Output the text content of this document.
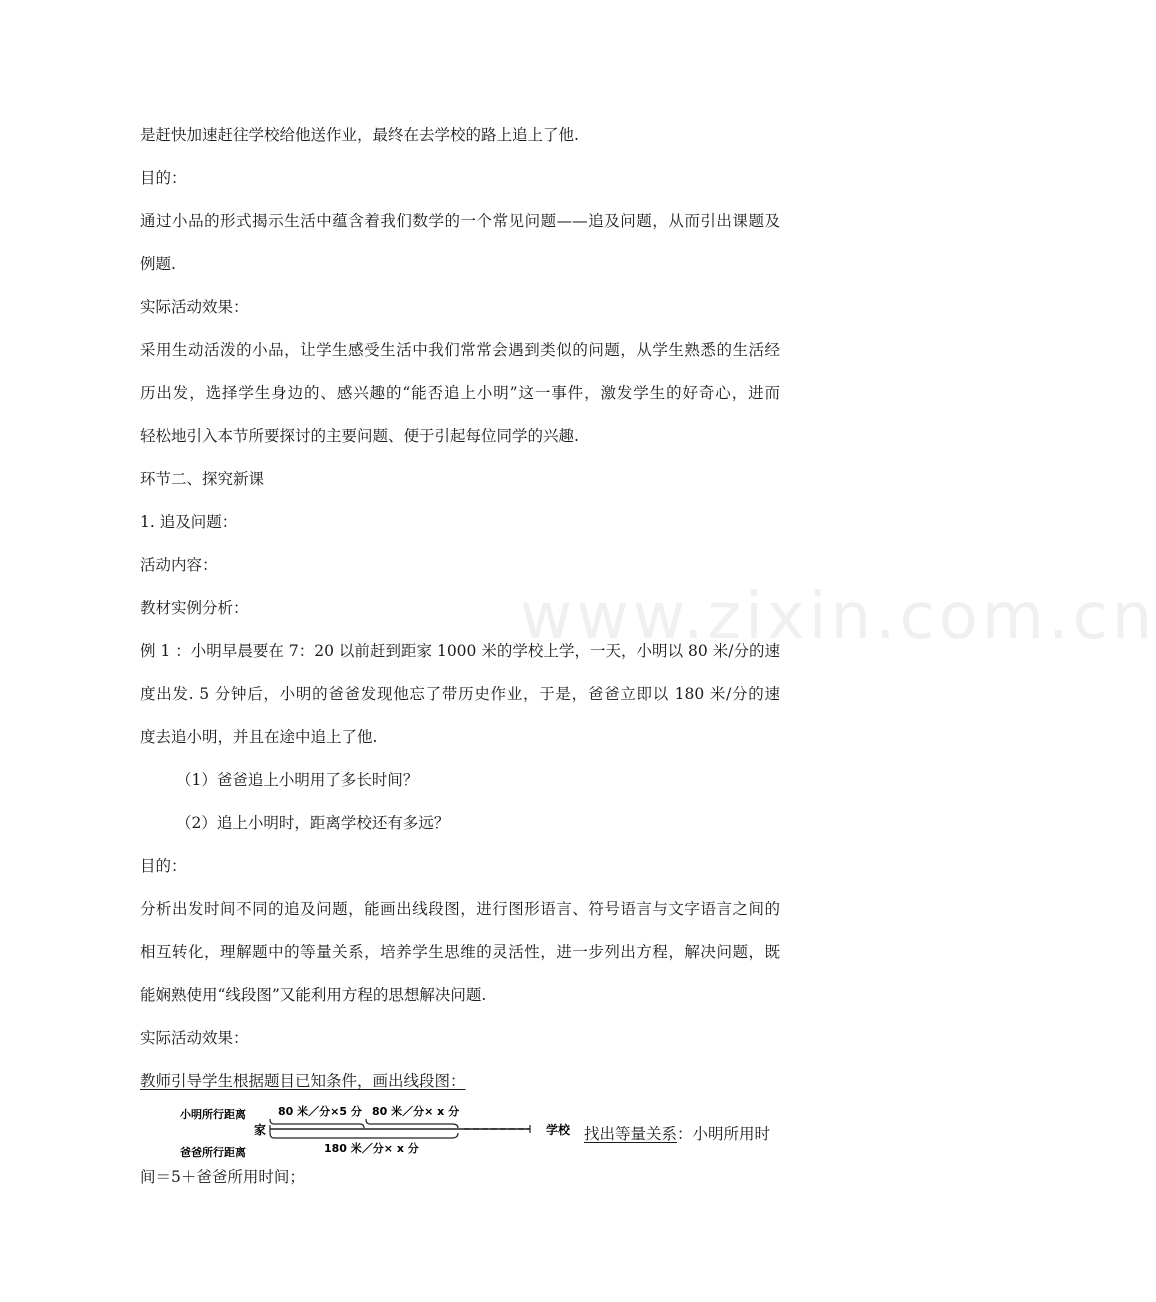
www.zixin.com.cn
是赶快加速赶往学校给他送作业，最终在去学校的路上追上了他.
目的：
通过小品的形式揭示生活中蕴含着我们数学的一个常见问题——追及问题，从而引出课题及
例题.
实际活动效果：
采用生动活泼的小品，让学生感受生活中我们常常会遇到类似的问题，从学生熟悉的生活经
历出发，选择学生身边的、感兴趣的“能否追上小明”这一事件，激发学生的好奇心，进而
轻松地引入本节所要探讨的主要问题、便于引起每位同学的兴趣.
环节二、探究新课
1. 追及问题：
活动内容：
教材实例分析：
例 1 ：小明早晨要在 7：20 以前赶到距家 1000 米的学校上学，一天，小明以 80 米/分的速
度出发. 5 分钟后，小明的爸爸发现他忘了带历史作业，于是，爸爸立即以 180 米/分的速
度去追小明，并且在途中追上了他.
（1）爸爸追上小明用了多长时间？
（2）追上小明时，距离学校还有多远？
目的：
分析出发时间不同的追及问题，能画出线段图，进行图形语言、符号语言与文字语言之间的
相互转化，理解题中的等量关系，培养学生思维的灵活性，进一步列出方程，解决问题，既
能娴熟使用“线段图”又能利用方程的思想解决问题.
实际活动效果：
教师引导学生根据题目已知条件，画出线段图：
小明所行距离
家	学校
爸爸所行距离
80 米／分×5 分 80 米／分× x 分
180 米／分× x 分
找出等量关系：小明所用时
间＝5＋爸爸所用时间；
